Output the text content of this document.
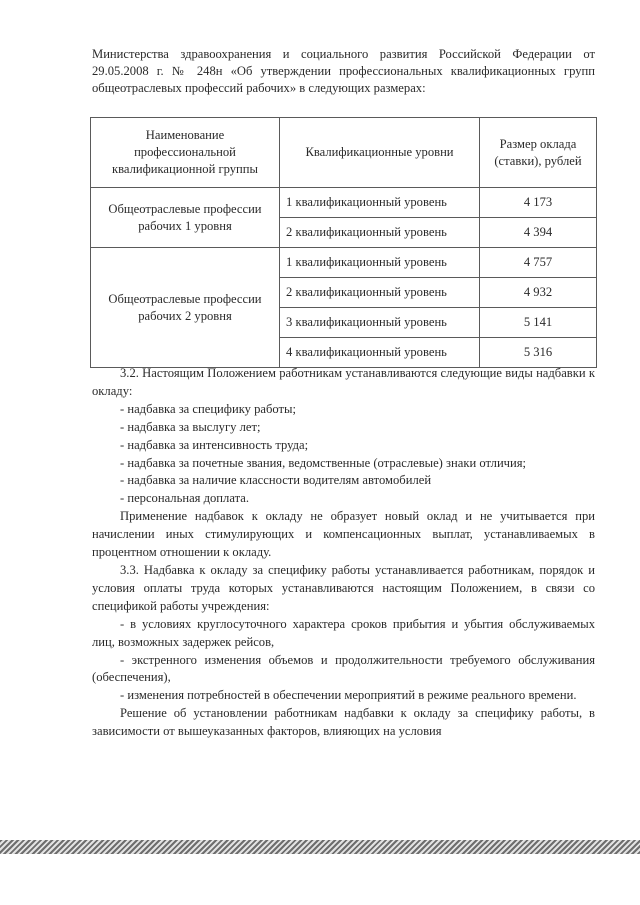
Министерства здравоохранения и социального развития Российской Федерации от 29.05.2008 г. № 248н «Об утверждении профессиональных квалификационных групп общеотраслевых профессий рабочих» в следующих размерах:

Наименование профессиональной квалификационной группы	Квалификационные уровни	Размер оклада (ставки), рублей
Общеотраслевые профессии рабочих 1 уровня	1 квалификационный уровень	4 173
	2 квалификационный уровень	4 394
Общеотраслевые профессии рабочих 2 уровня	1 квалификационный уровень	4 757
	2 квалификационный уровень	4 932
	3 квалификационный уровень	5 141
	4 квалификационный уровень	5 316

3.2. Настоящим Положением работникам устанавливаются следующие виды надбавки к окладу:

- надбавка за специфику работы;

- надбавка за выслугу лет;

- надбавка за интенсивность труда;

- надбавка за почетные звания, ведомственные (отраслевые) знаки отличия;

- надбавка за наличие классности водителям автомобилей

- персональная доплата.

Применение надбавок к окладу не образует новый оклад и не учитывается при начислении иных стимулирующих и компенсационных выплат, устанавливаемых в процентном отношении к окладу.

3.3. Надбавка к окладу за специфику работы устанавливается работникам, порядок и условия оплаты труда которых устанавливаются настоящим Положением, в связи со спецификой работы учреждения:

- в условиях круглосуточного характера сроков прибытия и убытия обслуживаемых лиц, возможных задержек рейсов,

- экстренного изменения объемов и продолжительности требуемого обслуживания (обеспечения),

- изменения потребностей в обеспечении мероприятий в режиме реального времени.

Решение об установлении работникам надбавки к окладу за специфику работы, в зависимости от вышеуказанных факторов, влияющих на условия
